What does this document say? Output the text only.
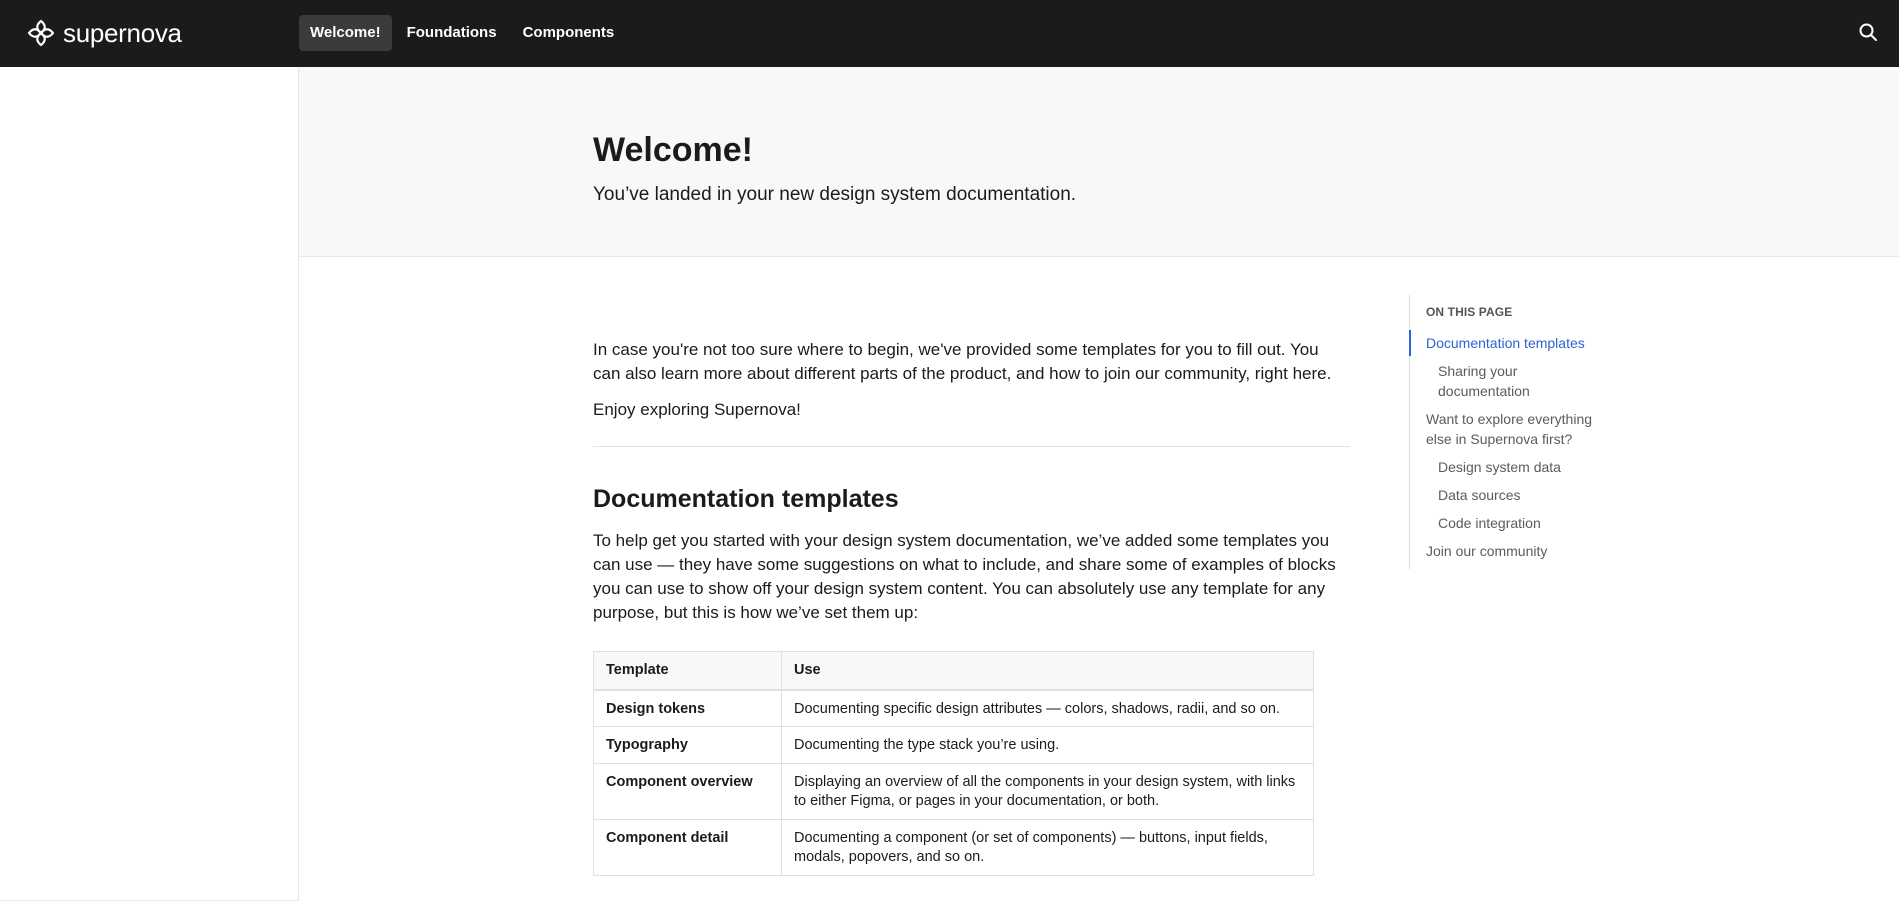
supernova	Welcome!	Foundations	Components
Welcome!

You’ve landed in your new design system documentation.

In case you're not too sure where to begin, we've provided some templates for you to fill out. You can also learn more about different parts of the product, and how to join our community, right here.

Enjoy exploring Supernova!

Documentation templates

To help get you started with your design system documentation, we’ve added some templates you can use — they have some suggestions on what to include, and share some of examples of blocks you can use to show off your design system content. You can absolutely use any template for any purpose, but this is how we’ve set them up:

Template	Use
Design tokens	Documenting specific design attributes — colors, shadows, radii, and so on.
Typography	Documenting the type stack you’re using.
Component overview	Displaying an overview of all the components in your design system, with links to either Figma, or pages in your documentation, or both.
Component detail	Documenting a component (or set of components) — buttons, input fields, modals, popovers, and so on.
ON THIS PAGE
Documentation templates
Sharing your documentation
Want to explore everything else in Supernova first?
Design system data
Data sources
Code integration
Join our community
